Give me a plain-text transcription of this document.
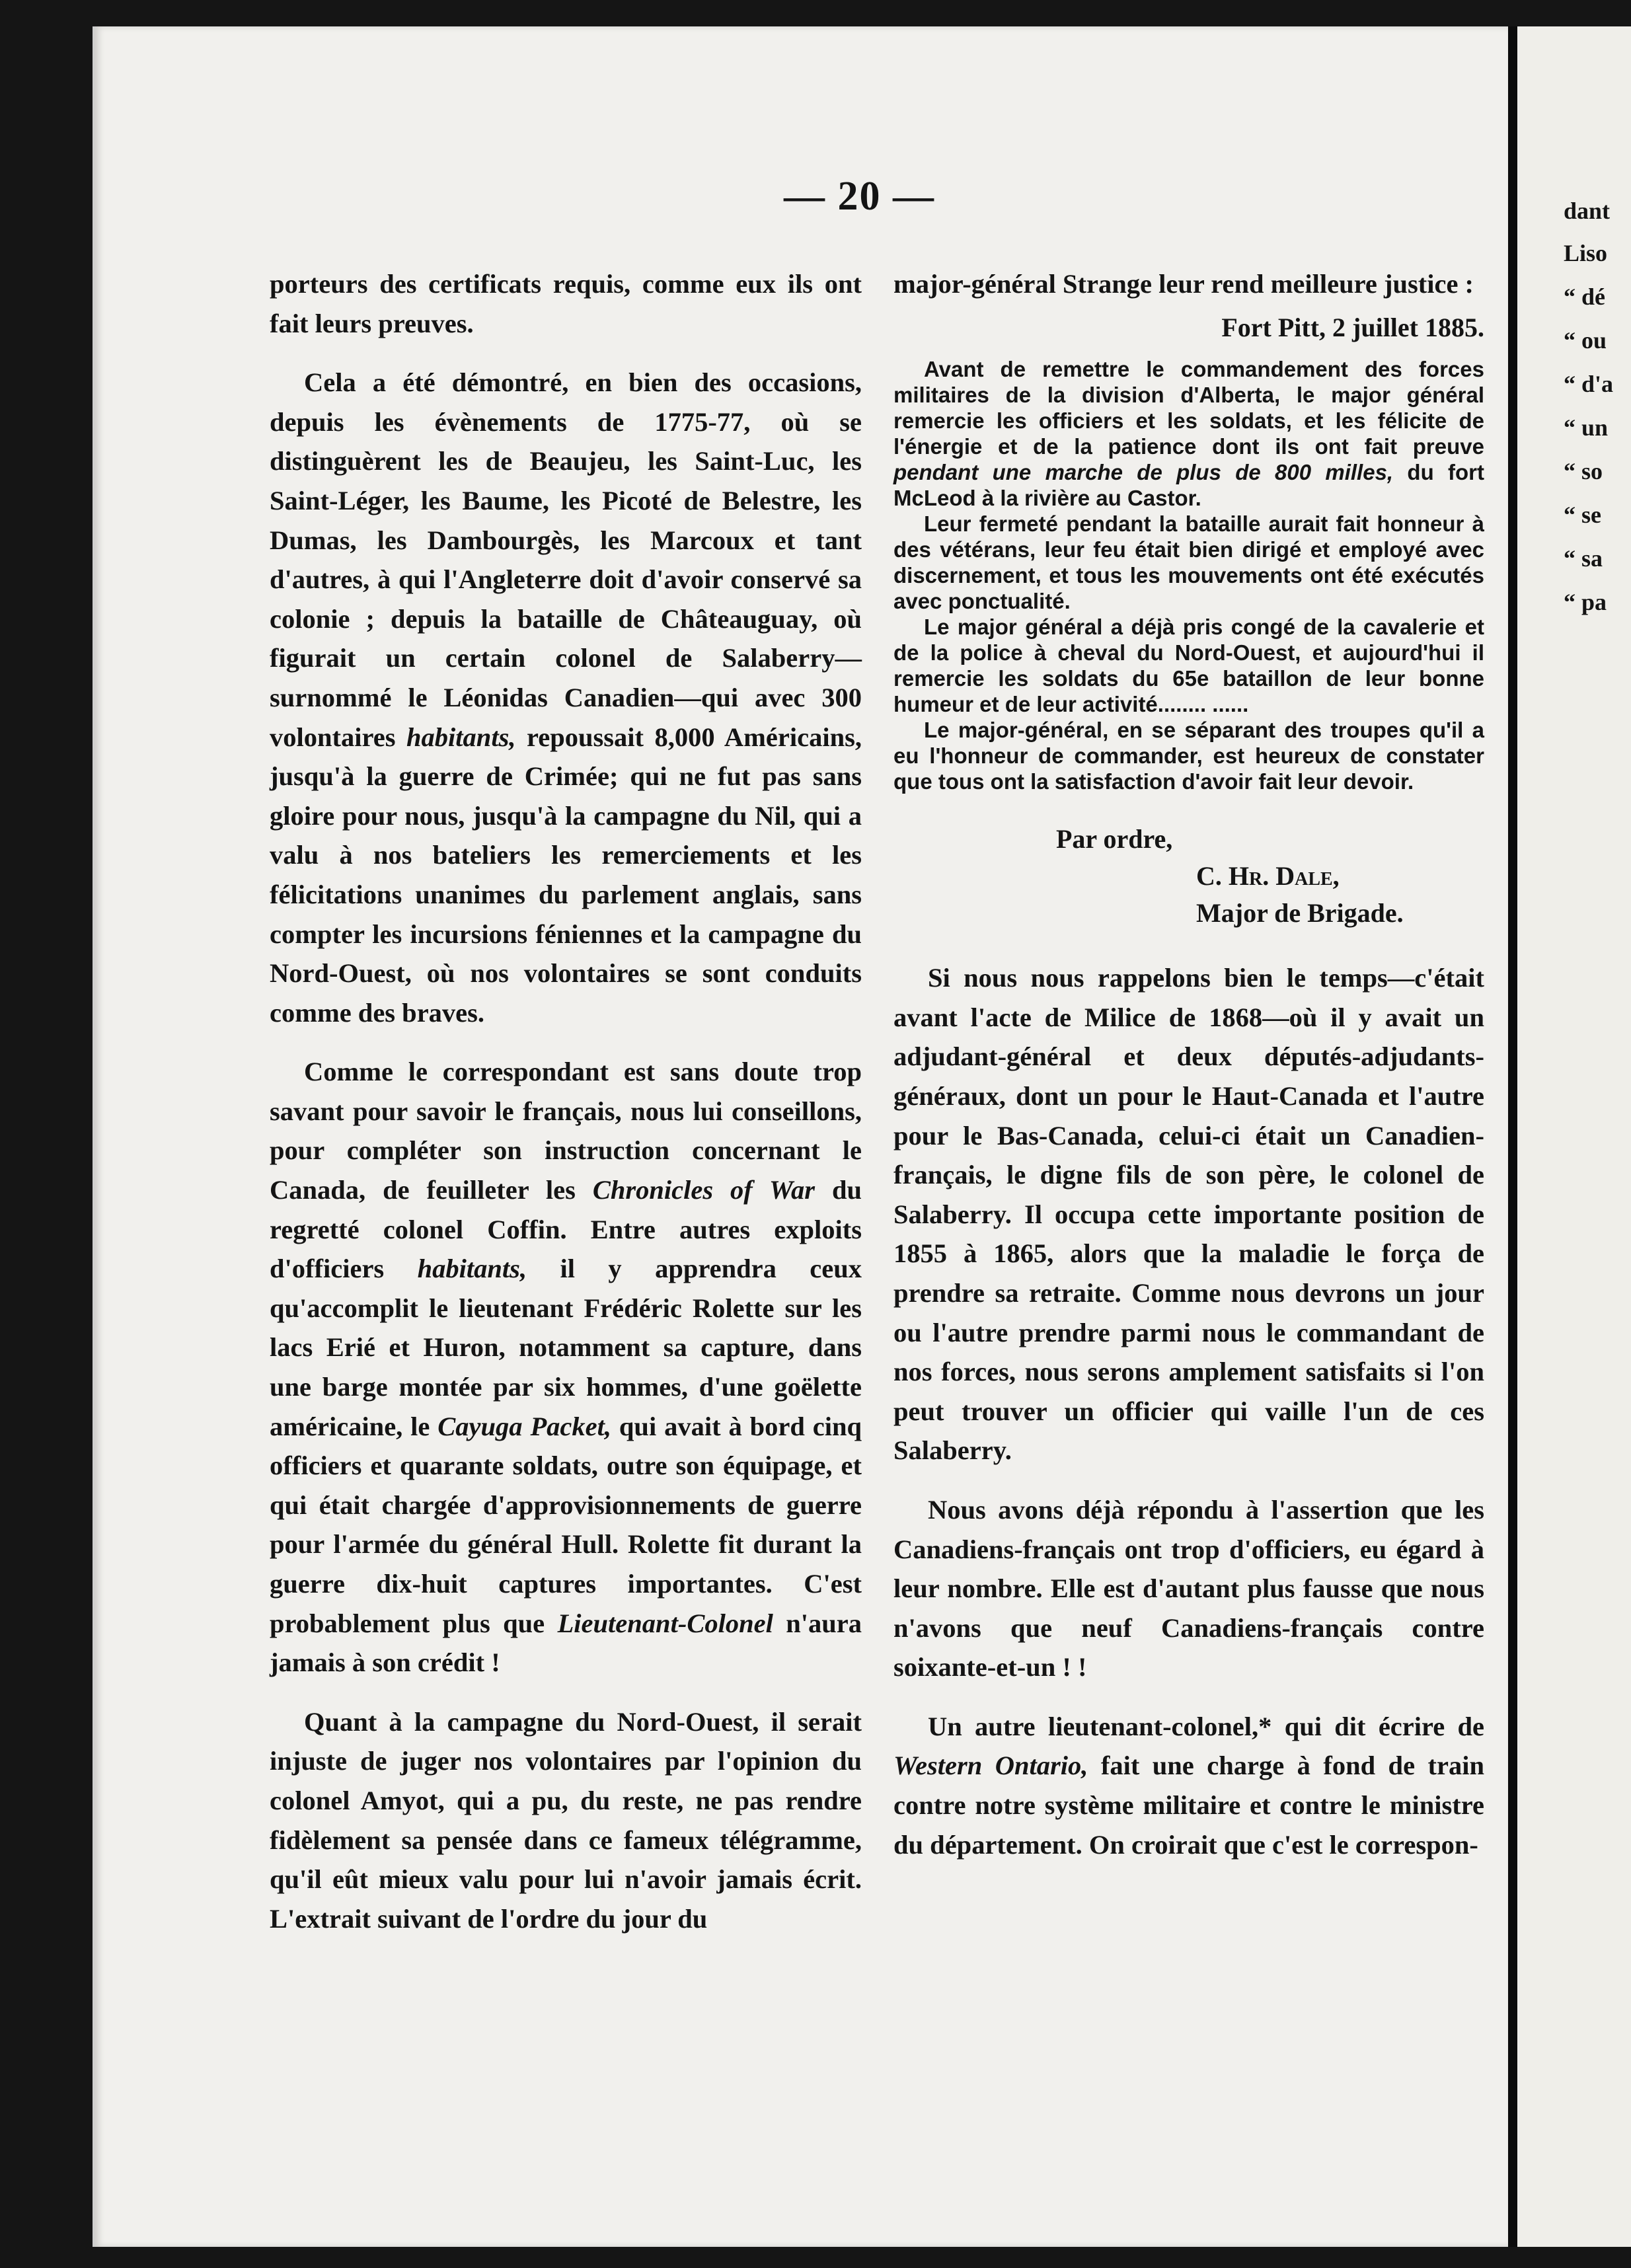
dant
Liso
“ dé
“ ou
“ d'a
“ un
“ so
“ se
“ sa
“ pa
— 20 —

porteurs des certificats requis, comme eux ils ont fait leurs preuves.

Cela a été démontré, en bien des occasions, depuis les évènements de 1775-77, où se distinguèrent les de Beaujeu, les Saint-Luc, les Saint-Léger, les Baume, les Picoté de Belestre, les Dumas, les Dambourgès, les Marcoux et tant d'autres, à qui l'Angleterre doit d'avoir conservé sa colonie ; depuis la bataille de Châteauguay, où figurait un certain colonel de Salaberry—surnommé le Léonidas Canadien—qui avec 300 volontaires habitants, repoussait 8,000 Américains, jusqu'à la guerre de Crimée; qui ne fut pas sans gloire pour nous, jusqu'à la campagne du Nil, qui a valu à nos bateliers les remerciements et les félicitations unanimes du parlement anglais, sans compter les incursions féniennes et la campagne du Nord-Ouest, où nos volontaires se sont conduits comme des braves.

Comme le correspondant est sans doute trop savant pour savoir le français, nous lui conseillons, pour compléter son instruction concernant le Canada, de feuilleter les Chronicles of War du regretté colonel Coffin. Entre autres exploits d'officiers habitants, il y apprendra ceux qu'accomplit le lieutenant Frédéric Rolette sur les lacs Erié et Huron, notamment sa capture, dans une barge montée par six hommes, d'une goëlette américaine, le Cayuga Packet, qui avait à bord cinq officiers et quarante soldats, outre son équipage, et qui était chargée d'approvisionnements de guerre pour l'armée du général Hull. Rolette fit durant la guerre dix-huit captures importantes. C'est probablement plus que Lieutenant-Colonel n'aura jamais à son crédit !

Quant à la campagne du Nord-Ouest, il serait injuste de juger nos volontaires par l'opinion du colonel Amyot, qui a pu, du reste, ne pas rendre fidèlement sa pensée dans ce fameux télégramme, qu'il eût mieux valu pour lui n'avoir jamais écrit. L'extrait suivant de l'ordre du jour du

major-général Strange leur rend meilleure justice :

Fort Pitt, 2 juillet 1885.

Avant de remettre le commandement des forces militaires de la division d'Alberta, le major général remercie les officiers et les soldats, et les félicite de l'énergie et de la patience dont ils ont fait preuve pendant une marche de plus de 800 milles, du fort McLeod à la rivière au Castor.

Leur fermeté pendant la bataille aurait fait honneur à des vétérans, leur feu était bien dirigé et employé avec discernement, et tous les mouvements ont été exécutés avec ponctualité.

Le major général a déjà pris congé de la cavalerie et de la police à cheval du Nord-Ouest, et aujourd'hui il remercie les soldats du 65e bataillon de leur bonne humeur et de leur activité........ ......

Le major-général, en se séparant des troupes qu'il a eu l'honneur de commander, est heureux de constater que tous ont la satisfaction d'avoir fait leur devoir.

Par ordre,
C. Hr. Dale,
Major de Brigade.

Si nous nous rappelons bien le temps—c'était avant l'acte de Milice de 1868—où il y avait un adjudant-général et deux députés-adjudants-généraux, dont un pour le Haut-Canada et l'autre pour le Bas-Canada, celui-ci était un Canadien-français, le digne fils de son père, le colonel de Salaberry. Il occupa cette importante position de 1855 à 1865, alors que la maladie le força de prendre sa retraite. Comme nous devrons un jour ou l'autre prendre parmi nous le commandant de nos forces, nous serons amplement satisfaits si l'on peut trouver un officier qui vaille l'un de ces Salaberry.

Nous avons déjà répondu à l'assertion que les Canadiens-français ont trop d'officiers, eu égard à leur nombre. Elle est d'autant plus fausse que nous n'avons que neuf Canadiens-français contre soixante-et-un ! !

Un autre lieutenant-colonel,* qui dit écrire de Western Ontario, fait une charge à fond de train contre notre système militaire et contre le ministre du département. On croirait que c'est le correspon-
